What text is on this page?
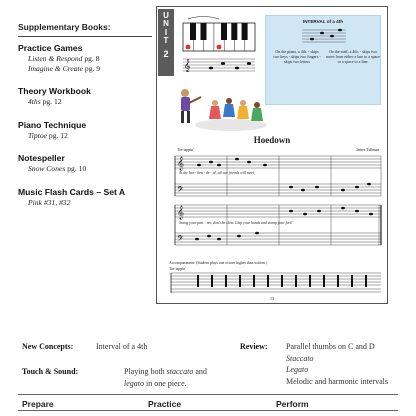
Supplementary Books:
Practice Games
Listen & Respond pg. 8
Imagine & Create pg. 9
Theory Workbook
4ths pg. 12
Piano Technique
Tiptoe pg. 12
Notespeller
Snow Cones pg. 10
Music Flash Cards – Set A
Pink #31, #32
U
N
I
T
2
𝄞
INTERVAL of a 4th
On the piano, a 4th: - skips two keys - skips two fingers - skips two letters
On the staff, a 4th: - skips two notes from either a line to a space or a space to a line.
Hoedown
Toe tappin'	James Tullman
𝄞
𝄢
At the bar - ben - de - al, all our friends will meet,
𝄞
𝄢
Swing your part - ner, don't be slow. Clap your hands and stomp your feet!
Accompaniment: (Student plays one octave higher than written.)
Toe tappin'
13
New Concepts:	Interval of a 4th
Touch & Sound:	Playing both staccato and
legato in one piece.
Review: Parallel thumbs on C and D
Staccato
Legato
Melodic and harmonic intervals
Prepare	Practice	Perform
